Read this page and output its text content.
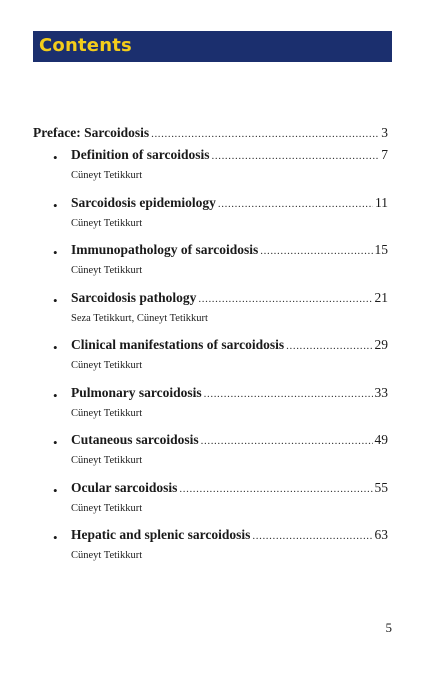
Contents
Preface: Sarcoidosis .....	3
• Definition of sarcoidosis .....	7
Cüneyt Tetikkurt
• Sarcoidosis epidemiology .....	11
Cüneyt Tetikkurt
• Immunopathology of sarcoidosis .....	15
Cüneyt Tetikkurt
• Sarcoidosis pathology .....	21
Seza Tetikkurt, Cüneyt Tetikkurt
• Clinical manifestations of sarcoidosis .....	29
Cüneyt Tetikkurt
• Pulmonary sarcoidosis .....	33
Cüneyt Tetikkurt
• Cutaneous sarcoidosis .....	49
Cüneyt Tetikkurt
• Ocular sarcoidosis .....	55
Cüneyt Tetikkurt
• Hepatic and splenic sarcoidosis .....	63
Cüneyt Tetikkurt
5
